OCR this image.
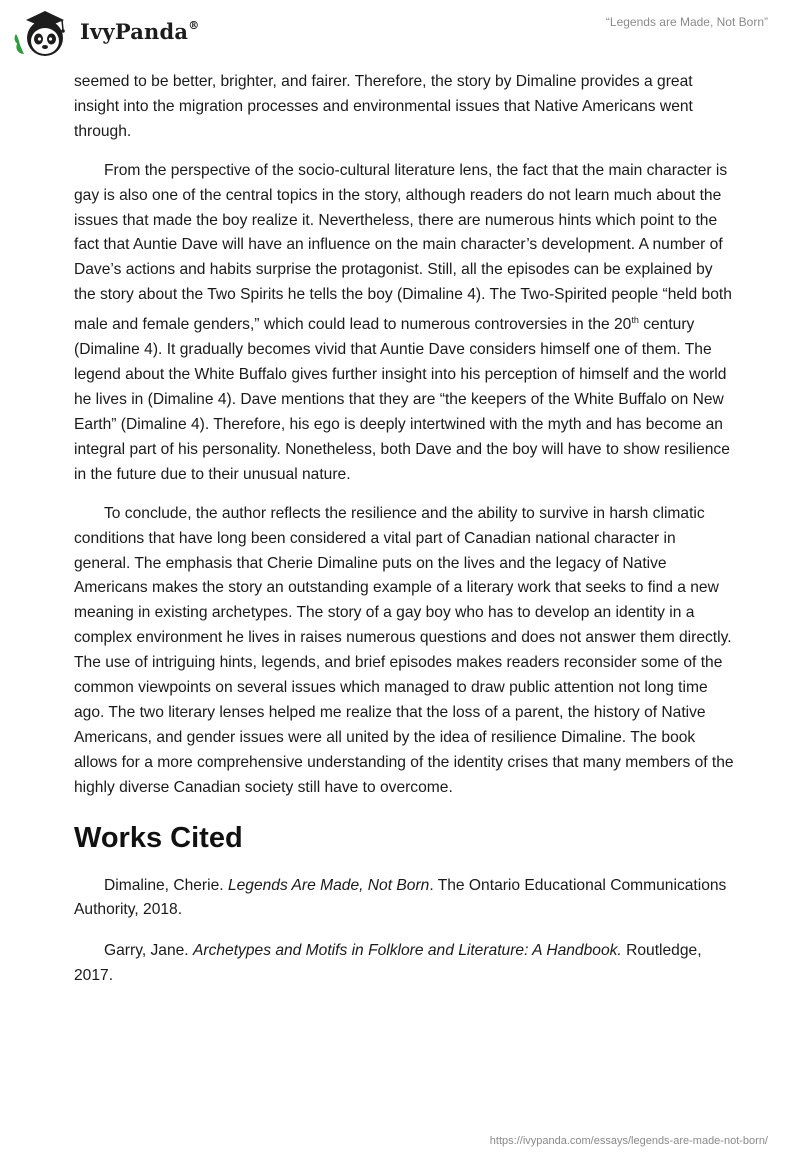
IvyPanda®	“Legends are Made, Not Born”

seemed to be better, brighter, and fairer. Therefore, the story by Dimaline provides a great insight into the migration processes and environmental issues that Native Americans went through.

From the perspective of the socio-cultural literature lens, the fact that the main character is gay is also one of the central topics in the story, although readers do not learn much about the issues that made the boy realize it. Nevertheless, there are numerous hints which point to the fact that Auntie Dave will have an influence on the main character’s development. A number of Dave’s actions and habits surprise the protagonist. Still, all the episodes can be explained by the story about the Two Spirits he tells the boy (Dimaline 4). The Two-Spirited people “held both male and female genders,” which could lead to numerous controversies in the 20th century (Dimaline 4). It gradually becomes vivid that Auntie Dave considers himself one of them. The legend about the White Buffalo gives further insight into his perception of himself and the world he lives in (Dimaline 4). Dave mentions that they are “the keepers of the White Buffalo on New Earth” (Dimaline 4). Therefore, his ego is deeply intertwined with the myth and has become an integral part of his personality. Nonetheless, both Dave and the boy will have to show resilience in the future due to their unusual nature.

To conclude, the author reflects the resilience and the ability to survive in harsh climatic conditions that have long been considered a vital part of Canadian national character in general. The emphasis that Cherie Dimaline puts on the lives and the legacy of Native Americans makes the story an outstanding example of a literary work that seeks to find a new meaning in existing archetypes. The story of a gay boy who has to develop an identity in a complex environment he lives in raises numerous questions and does not answer them directly. The use of intriguing hints, legends, and brief episodes makes readers reconsider some of the common viewpoints on several issues which managed to draw public attention not long time ago. The two literary lenses helped me realize that the loss of a parent, the history of Native Americans, and gender issues were all united by the idea of resilience Dimaline. The book allows for a more comprehensive understanding of the identity crises that many members of the highly diverse Canadian society still have to overcome.

Works Cited

Dimaline, Cherie. Legends Are Made, Not Born. The Ontario Educational Communications Authority, 2018.

Garry, Jane. Archetypes and Motifs in Folklore and Literature: A Handbook. Routledge, 2017.

https://ivypanda.com/essays/legends-are-made-not-born/
